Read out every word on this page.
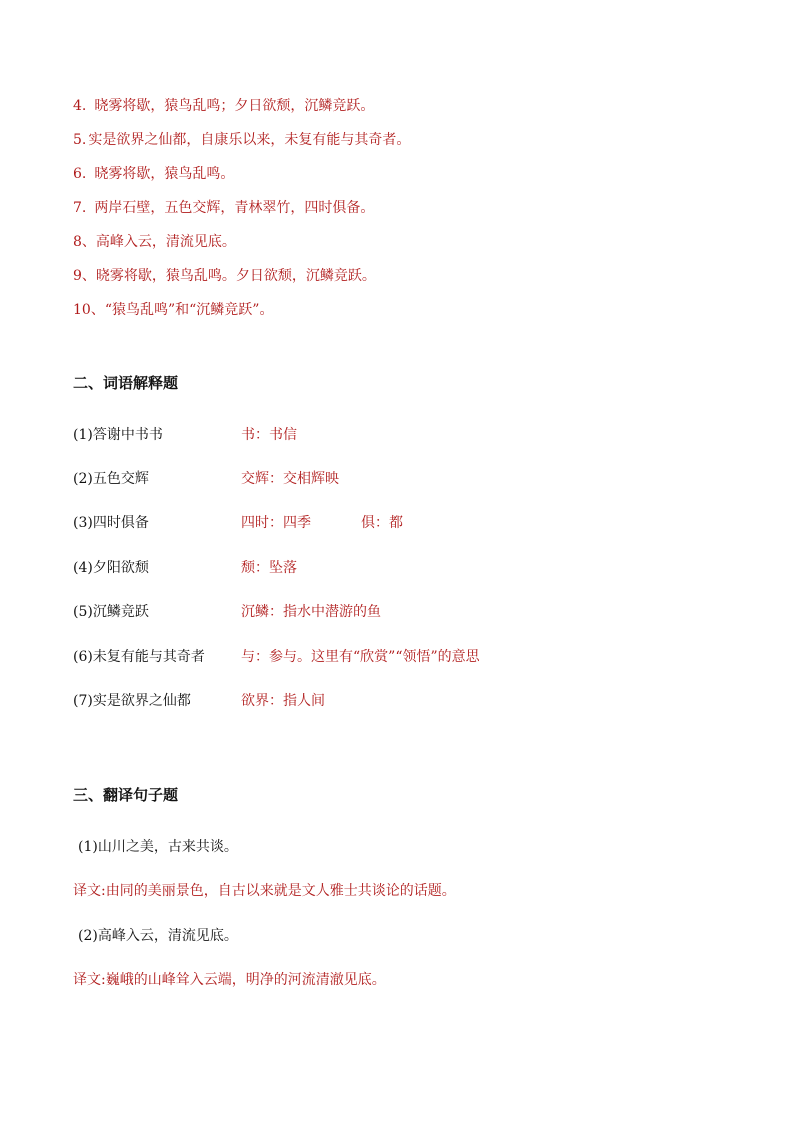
4. 晓雾将歇，猿鸟乱鸣；夕日欲颓，沉鳞竞跃。
5. 实是欲界之仙都，自康乐以来，未复有能与其奇者。
6. 晓雾将歇，猿鸟乱鸣。
7. 两岸石壁，五色交辉，青林翠竹，四时俱备。
8、高峰入云，清流见底。
9、晓雾将歇，猿鸟乱鸣。夕日欲颓，沉鳞竞跃。
10、“猿鸟乱鸣”和“沉鳞竞跃”。
二、词语解释题
(1)答谢中书书	书：书信
(2)五色交辉	交辉：交相辉映
(3)四时俱备	四时：四季	俱：都
(4)夕阳欲颓	颓：坠落
(5)沉鳞竞跃	沉鳞：指水中潜游的鱼
(6)未复有能与其奇者	与：参与。这里有“欣赏”“领悟”的意思
(7)实是欲界之仙都	欲界：指人间
三、翻译句子题
(1)山川之美，古来共谈。
译文:由同的美丽景色，自古以来就是文人雅士共谈论的话题。
(2)高峰入云，清流见底。
译文:巍峨的山峰耸入云端，明净的河流清澈见底。
